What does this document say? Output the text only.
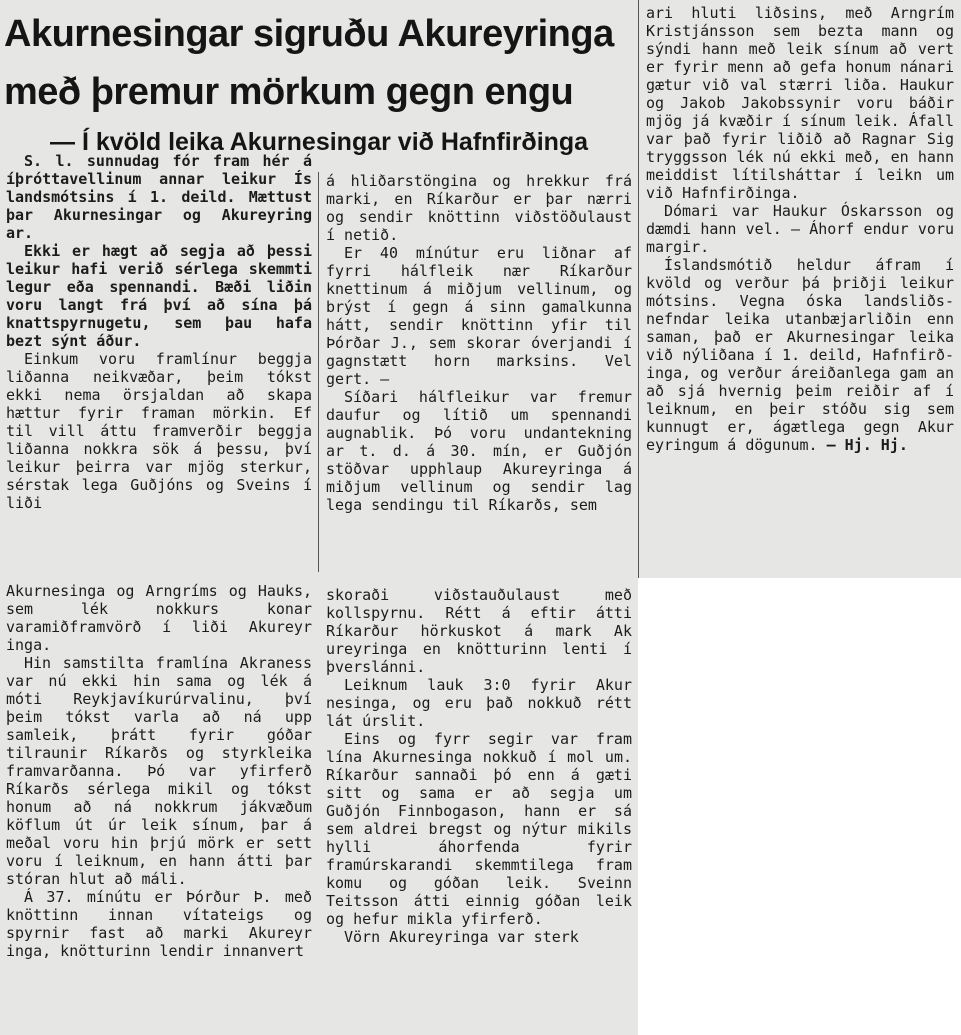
Akurnesingar sigruðu Akureyringa
með þremur mörkum gegn engu
— Í kvöld leika Akurnesingar við Hafnfirðinga

S. l. sunnudag fór fram hér á íþróttavellinum annar leikur Ís landsmótsins í 1. deild. Mættust þar Akurnesingar og Akureyring ar.

Ekki er hægt að segja að þessi leikur hafi verið sérlega skemmti legur eða spennandi. Bæði liðin voru langt frá því að sína þá knattspyrnugetu, sem þau hafa bezt sýnt áður.

Einkum voru framlínur beggja liðanna neikvæðar, þeim tókst ekki nema örsjaldan að skapa hættur fyrir framan mörkin. Ef til vill áttu framverðir beggja liðanna nokkra sök á þessu, því leikur þeirra var mjög sterkur, sérstak lega Guðjóns og Sveins í liði

Akurnesinga og Arngríms og Hauks, sem lék nokkurs konar varamiðframvörð í liði Akureyr inga.

Hin samstilta framlína Akraness var nú ekki hin sama og lék á móti Reykjavíkurúrvalinu, því þeim tókst varla að ná upp samleik, þrátt fyrir góðar tilraunir Ríkarðs og styrkleika framvarðanna. Þó var yfirferð Ríkarðs sérlega mikil og tókst honum að ná nokkrum jákvæðum köflum út úr leik sínum, þar á meðal voru hin þrjú mörk er sett voru í leiknum, en hann átti þar stóran hlut að máli.

Á 37. mínútu er Þórður Þ. með knöttinn innan vítateigs og spyrnir fast að marki Akureyr inga, knötturinn lendir innanvert

á hliðarstöngina og hrekkur frá marki, en Ríkarður er þar nærri og sendir knöttinn viðstöðulaust í netið.

Er 40 mínútur eru liðnar af fyrri hálfleik nær Ríkarður knettinum á miðjum vellinum, og brýst í gegn á sinn gamalkunna hátt, sendir knöttinn yfir til Þórðar J., sem skorar óverjandi í gagnstætt horn marksins. Vel gert. —

Síðari hálfleikur var fremur daufur og lítið um spennandi augnablik. Þó voru undantekning ar t. d. á 30. mín, er Guðjón stöðvar upphlaup Akureyringa á miðjum vellinum og sendir lag lega sendingu til Ríkarðs, sem

skoraði viðstauðulaust með kollspyrnu. Rétt á eftir átti Ríkarður hörkuskot á mark Ak ureyringa en knötturinn lenti í þverslánni.

Leiknum lauk 3:0 fyrir Akur nesinga, og eru það nokkuð rétt lát úrslit.

Eins og fyrr segir var fram lína Akurnesinga nokkuð í mol um. Ríkarður sannaði þó enn á gæti sitt og sama er að segja um Guðjón Finnbogason, hann er sá sem aldrei bregst og nýtur mikils hylli áhorfenda fyrir framúrskarandi skemmtilega fram komu og góðan leik. Sveinn Teitsson átti einnig góðan leik og hefur mikla yfirferð.

Vörn Akureyringa var sterk

ari hluti liðsins, með Arngrím Kristjánsson sem bezta mann og sýndi hann með leik sínum að vert er fyrir menn að gefa honum nánari gætur við val stærri liða. Haukur og Jakob Jakobssynir voru báðir mjög já kvæðir í sínum leik. Áfall var það fyrir liðið að Ragnar Sig tryggsson lék nú ekki með, en hann meiddist lítilsháttar í leikn um við Hafnfirðinga.

Dómari var Haukur Óskarsson og dæmdi hann vel. — Áhorf endur voru margir.

Íslandsmótið heldur áfram í kvöld og verður þá þriðji leikur mótsins. Vegna óska landsliðs- nefndar leika utanbæjarliðin enn saman, það er Akurnesingar leika við nýliðana í 1. deild, Hafnfirð- inga, og verður áreiðanlega gam an að sjá hvernig þeim reiðir af í leiknum, en þeir stóðu sig sem kunnugt er, ágætlega gegn Akur eyringum á dögunum. — Hj. Hj.
